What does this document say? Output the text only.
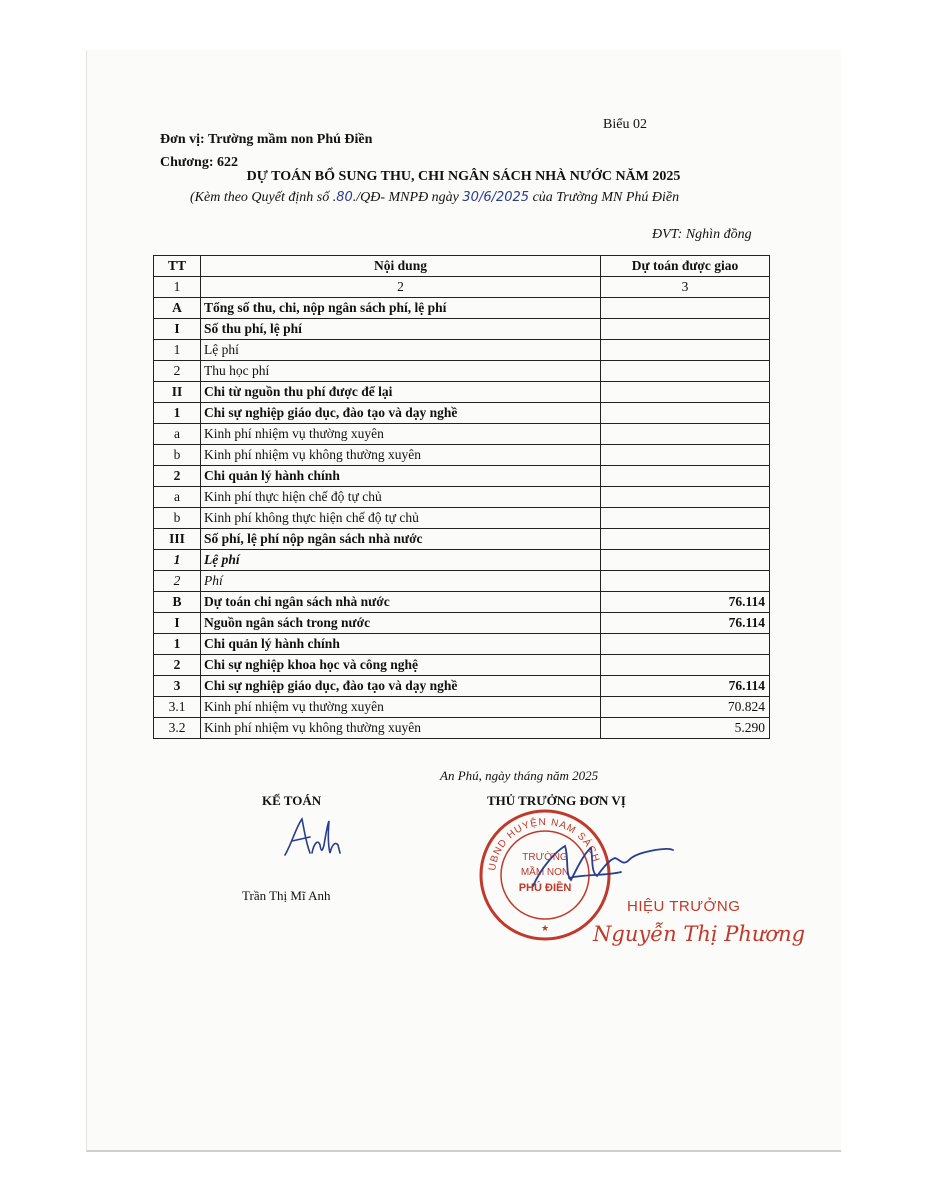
Đơn vị: Trường mầm non Phú Điền
Chương: 622
Biểu 02
DỰ TOÁN BỔ SUNG THU, CHI NGÂN SÁCH NHÀ NƯỚC NĂM 2025
(Kèm theo Quyết định số .80./QĐ- MNPĐ ngày 30/6/2025 của Trường MN Phú Điền
ĐVT: Nghìn đồng
TT	Nội dung	Dự toán được giao
1	2	3
A	Tổng số thu, chi, nộp ngân sách phí, lệ phí	
I	Số thu phí, lệ phí	
1	Lệ phí	
2	Thu học phí	
II	Chi từ nguồn thu phí được để lại	
1	Chi sự nghiệp giáo dục, đào tạo và dạy nghề	
a	Kinh phí nhiệm vụ thường xuyên	
b	Kinh phí nhiệm vụ không thường xuyên	
2	Chi quản lý hành chính	
a	Kinh phí thực hiện chế độ tự chủ	
b	Kinh phí không thực hiện chế độ tự chủ	
III	Số phí, lệ phí nộp ngân sách nhà nước	
1	Lệ phí	
2	Phí	
B	Dự toán chi ngân sách nhà nước	76.114
I	Nguồn ngân sách trong nước	76.114
1	Chi quản lý hành chính	
2	Chi sự nghiệp khoa học và công nghệ	
3	Chi sự nghiệp giáo dục, đào tạo và dạy nghề	76.114
3.1	Kinh phí nhiệm vụ thường xuyên	70.824
3.2	Kinh phí nhiệm vụ không thường xuyên	5.290
An Phú, ngày tháng năm 2025
KẾ TOÁN	THỦ TRƯỞNG ĐƠN VỊ
Trần Thị Mĩ Anh
UBND HUYỆN NAM SÁCH
TRƯỜNG
MẦM NON
PHÚ ĐIỀN
★
HIỆU TRƯỞNG
Nguyễn Thị Phương
